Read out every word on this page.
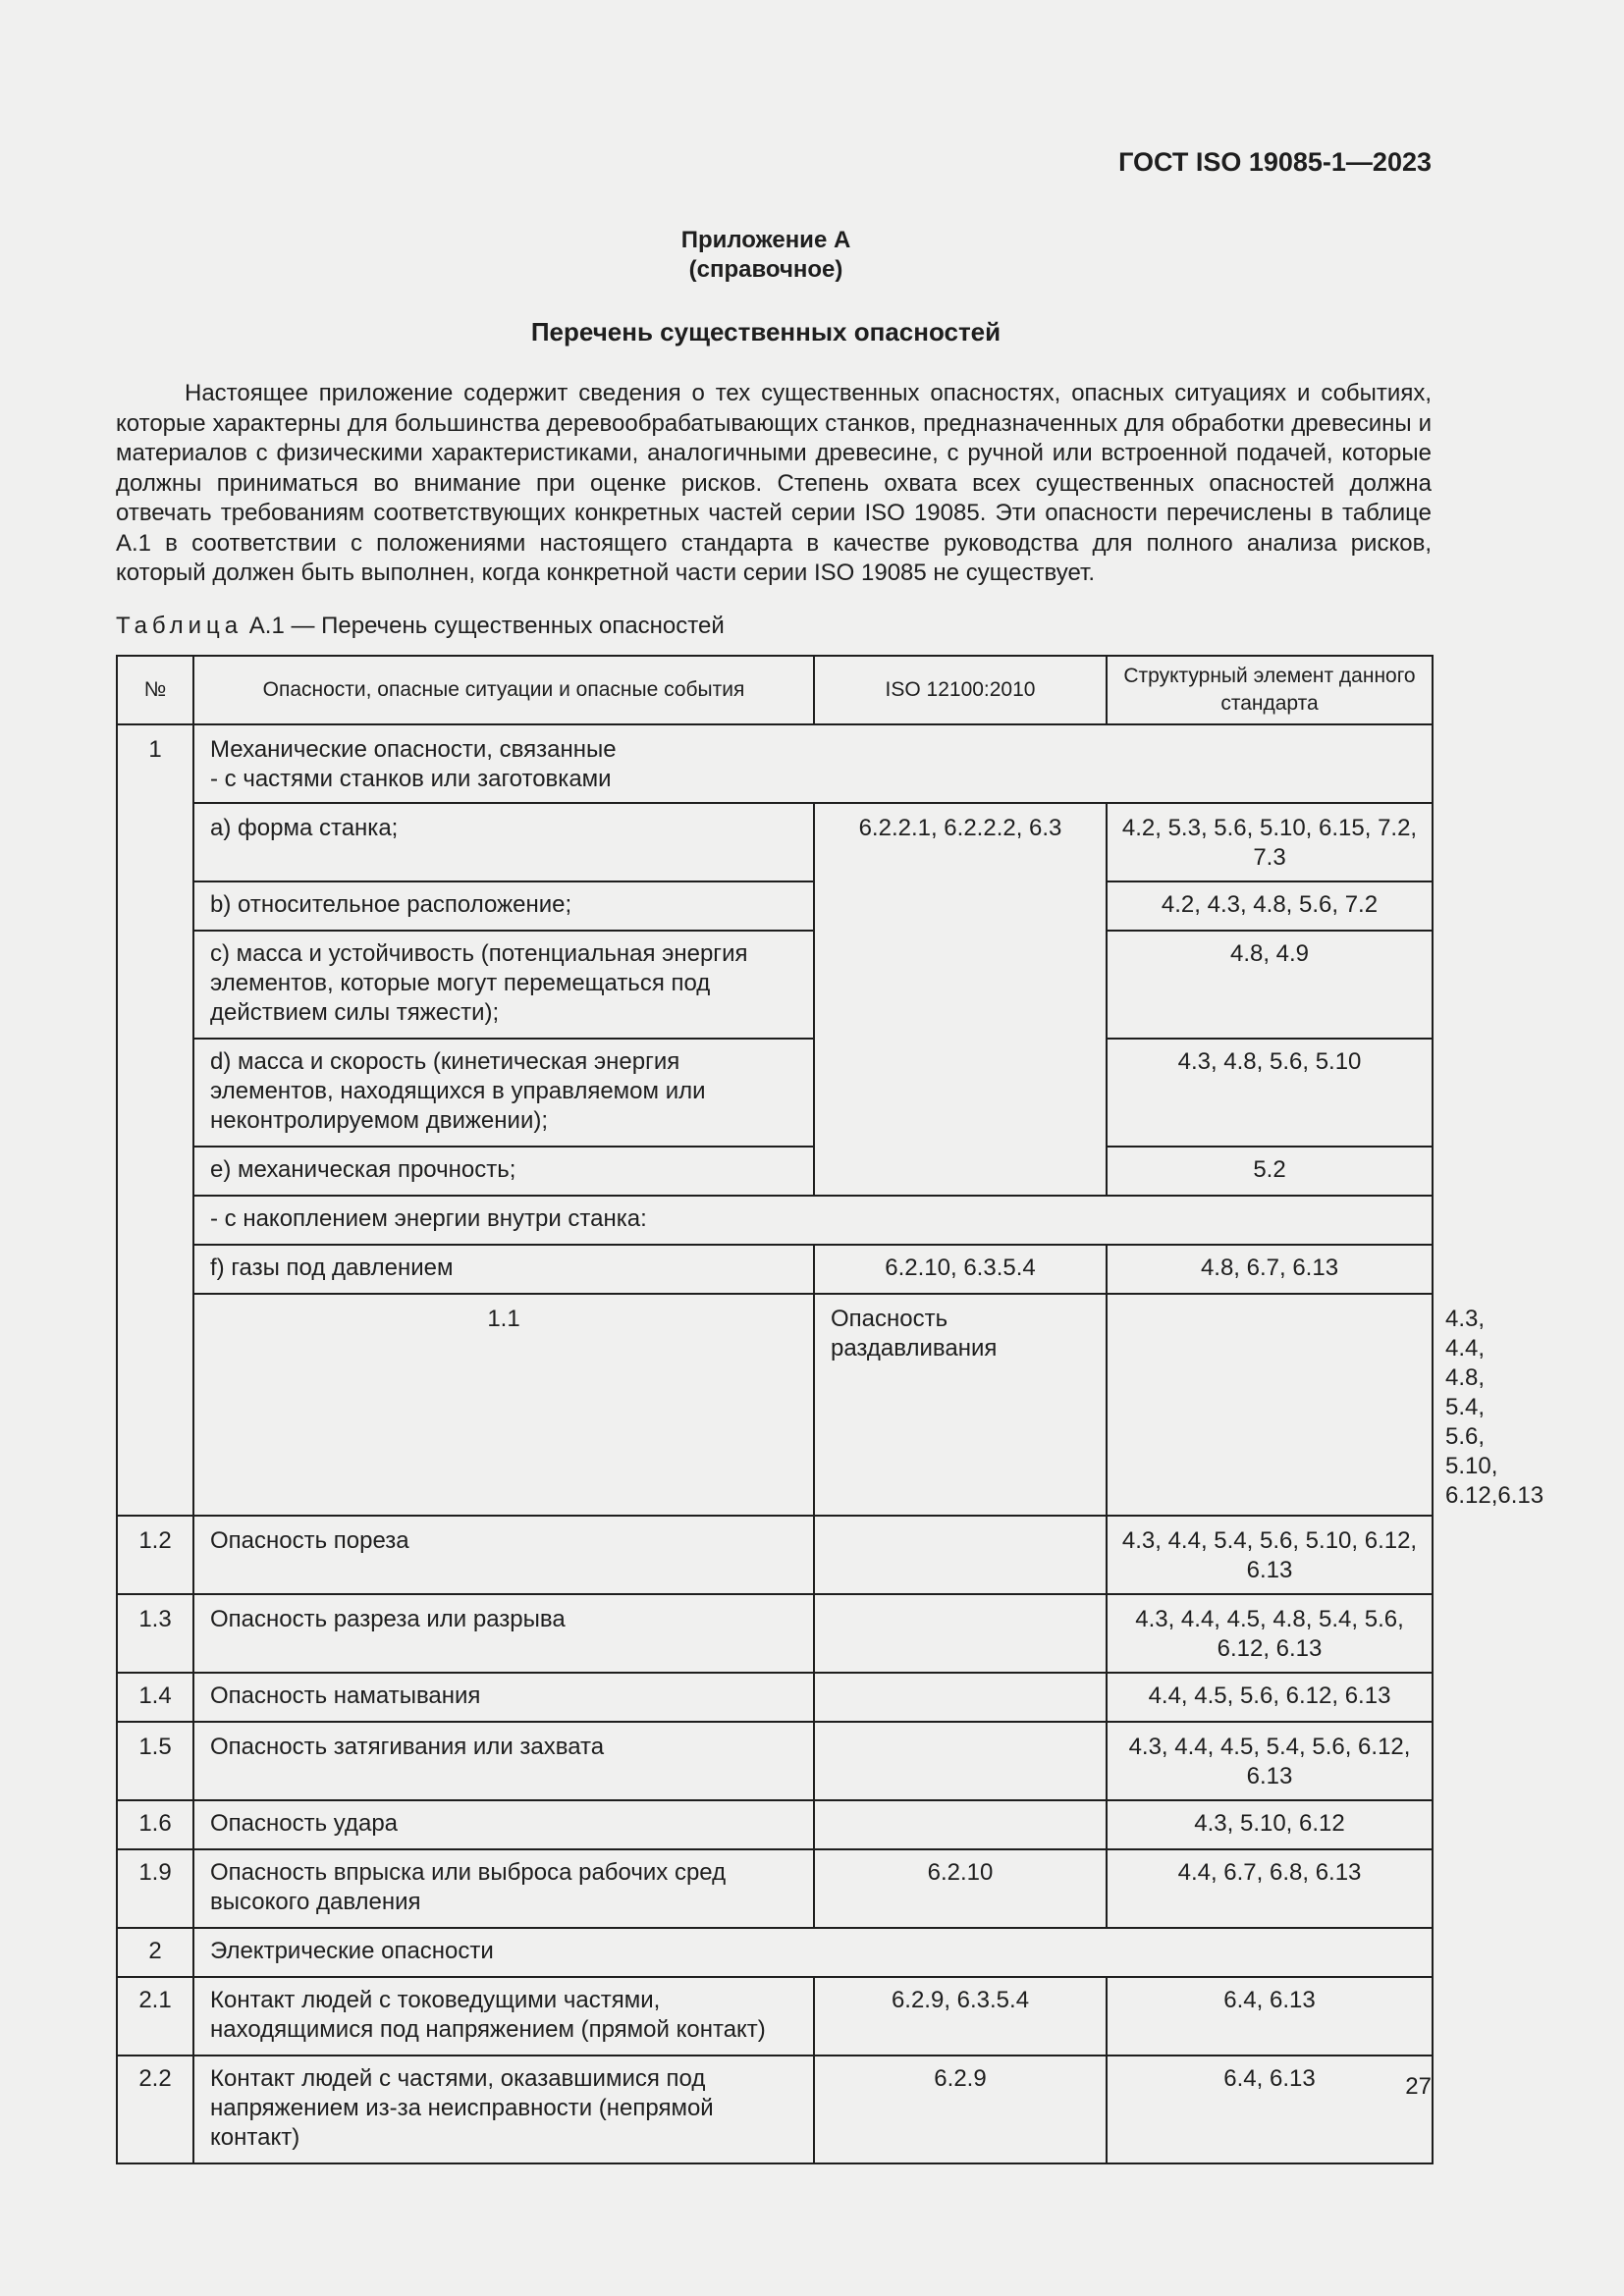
ГОСТ ISO 19085-1—2023
Приложение A
(справочное)
Перечень существенных опасностей

Настоящее приложение содержит сведения о тех существенных опасностях, опасных ситуациях и событиях, которые характерны для большинства деревообрабатывающих станков, предназначенных для обработки древесины и материалов с физическими характеристиками, аналогичными древесине, с ручной или встроенной подачей, которые должны приниматься во внимание при оценке рисков. Степень охвата всех существенных опасностей должна отвечать требованиям соответствующих конкретных частей серии ISO 19085. Эти опасности перечислены в таблице A.1 в соответствии с положениями настоящего стандарта в качестве руководства для полного анализа рисков, который должен быть выполнен, когда конкретной части серии ISO 19085 не существует.

Таблица A.1 — Перечень существенных опасностей
№	Опасности, опасные ситуации и опасные события	ISO 12100:2010	Структурный элемент данного стандарта	
1	Механические опасности, связанные
- с частями станков или заготовками			
	a) форма станка;	6.2.2.1, 6.2.2.2, 6.3	4.2, 5.3, 5.6, 5.10, 6.15, 7.2, 7.3	
	b) относительное расположение;		4.2, 4.3, 4.8, 5.6, 7.2	
	c) масса и устойчивость (потенциальная энергия элементов, которые могут перемещаться под действием силы тяжести);		4.8, 4.9	
	d) масса и скорость (кинетическая энергия элементов, находящихся в управляемом или неконтролируемом движении);		4.3, 4.8, 5.6, 5.10	
	e) механическая прочность;		5.2	
	- с накоплением энергии внутри станка:			
	f) газы под давлением	6.2.10, 6.3.5.4	4.8, 6.7, 6.13	
	1.1	Опасность раздавливания		4.3, 4.4, 4.8, 5.4, 5.6, 5.10, 6.12,6.13
1.2	Опасность пореза		4.3, 4.4, 5.4, 5.6, 5.10, 6.12, 6.13	
1.3	Опасность разреза или разрыва		4.3, 4.4, 4.5, 4.8, 5.4, 5.6, 6.12, 6.13	
1.4	Опасность наматывания		4.4, 4.5, 5.6, 6.12, 6.13	
1.5	Опасность затягивания или захвата		4.3, 4.4, 4.5, 5.4, 5.6, 6.12, 6.13	
1.6	Опасность удара		4.3, 5.10, 6.12	
1.9	Опасность впрыска или выброса рабочих сред высокого давления	6.2.10	4.4, 6.7, 6.8, 6.13	
2	Электрические опасности			
2.1	Контакт людей с токоведущими частями, находящимися под напряжением (прямой контакт)	6.2.9, 6.3.5.4	6.4, 6.13	
2.2	Контакт людей с частями, оказавшимися под напряжением из-за неисправности (непрямой контакт)	6.2.9	6.4, 6.13		27
